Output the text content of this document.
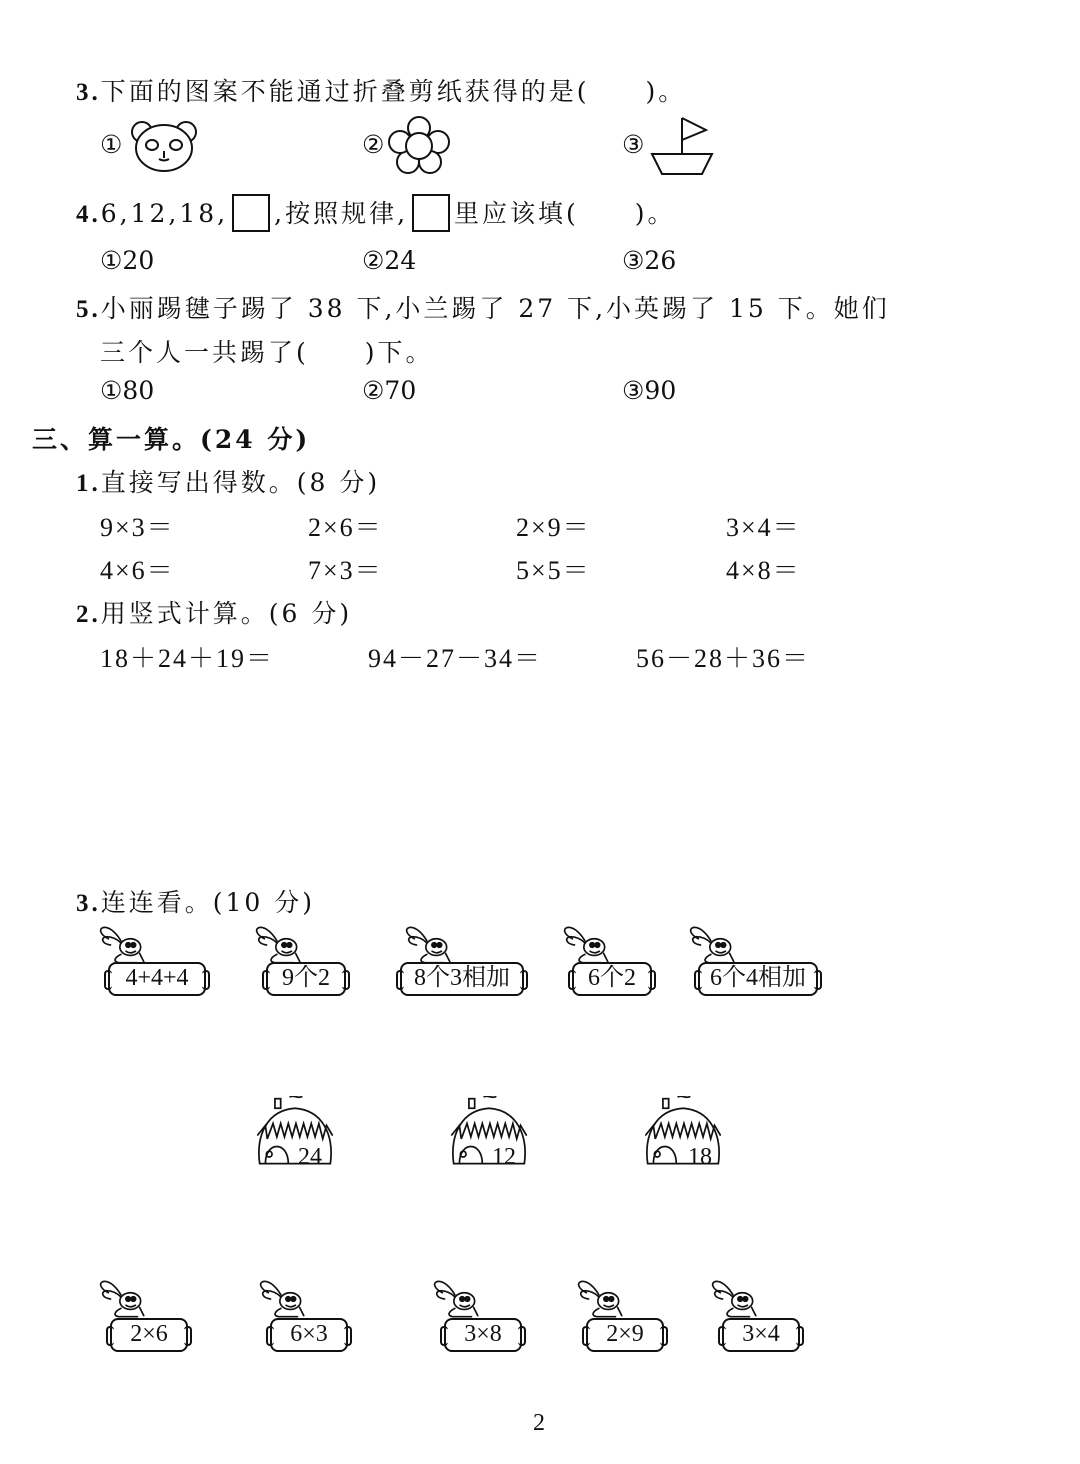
3.下面的图案不能通过折叠剪纸获得的是(　　)。
①	②	③
4.6,12,18, ,按照规律, 里应该填(　　)。
①20	②24	③26
5.小丽踢毽子踢了 38 下,小兰踢了 27 下,小英踢了 15 下。她们
三个人一共踢了(　　)下。
①80	②70	③90
三、算一算。(24 分)
1.直接写出得数。(8 分)
9×3＝	2×6＝	2×9＝	3×4＝
4×6＝	7×3＝	5×5＝	4×8＝
2.用竖式计算。(6 分)
18＋24＋19＝	94－27－34＝	56－28＋36＝
3.连连看。(10 分)
4+4+4	9个2	8个3相加	6个2	6个4相加
24	12	18
2×6	6×3	3×8	2×9	3×4
2
